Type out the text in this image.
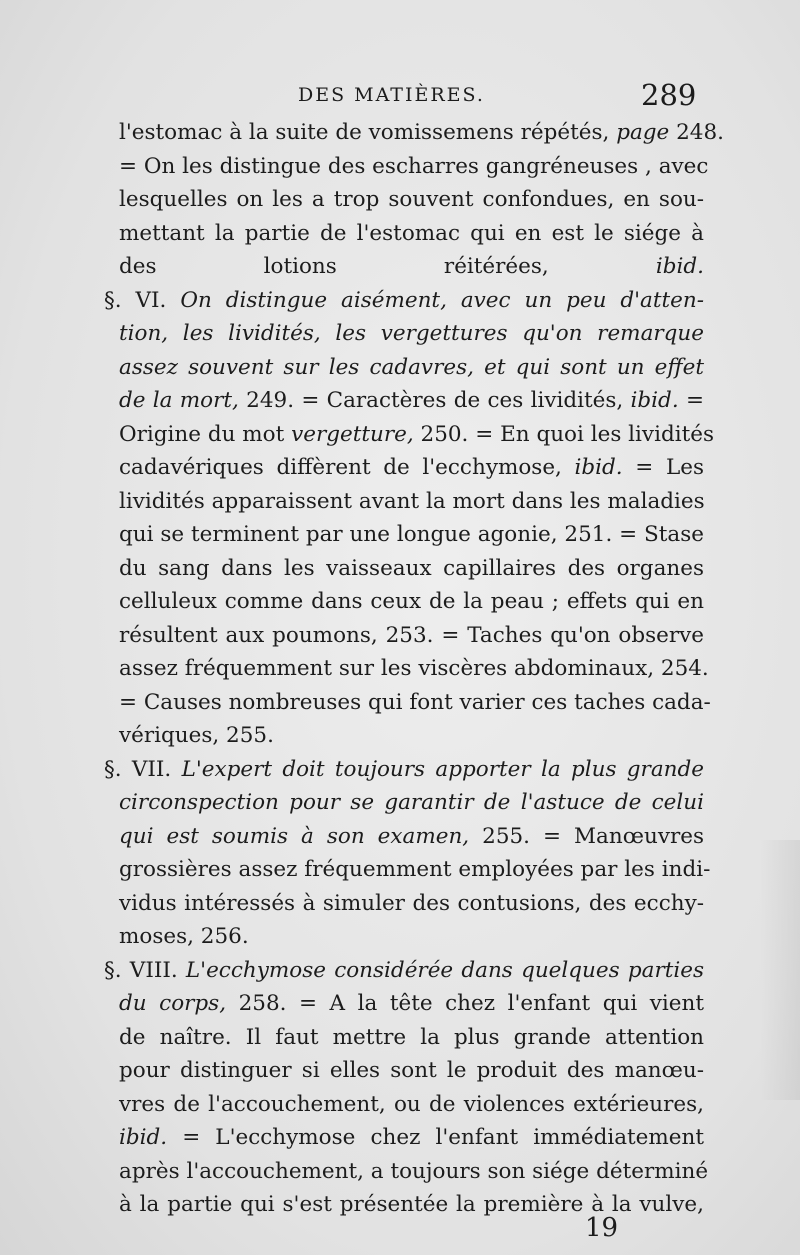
DES MATIÈRES.	289
l'estomac à la suite de vomissemens répétés, page 248.
= On les distingue des escharres gangréneuses , avec
lesquelles on les a trop souvent confondues, en sou-
mettant la partie de l'estomac qui en est le siége à
des lotions réitérées, ibid.
§. VI. On distingue aisément, avec un peu d'atten-
tion, les lividités, les vergettures qu'on remarque
assez souvent sur les cadavres, et qui sont un effet
de la mort, 249. = Caractères de ces lividités, ibid. =
Origine du mot vergetture, 250. = En quoi les lividités
cadavériques diffèrent de l'ecchymose, ibid. = Les
lividités apparaissent avant la mort dans les maladies
qui se terminent par une longue agonie, 251. = Stase
du sang dans les vaisseaux capillaires des organes
celluleux comme dans ceux de la peau ; effets qui en
résultent aux poumons, 253. = Taches qu'on observe
assez fréquemment sur les viscères abdominaux, 254.
= Causes nombreuses qui font varier ces taches cada-
vériques, 255.
§. VII. L'expert doit toujours apporter la plus grande
circonspection pour se garantir de l'astuce de celui
qui est soumis à son examen, 255. = Manœuvres
grossières assez fréquemment employées par les indi-
vidus intéressés à simuler des contusions, des ecchy-
moses, 256.
§. VIII. L'ecchymose considérée dans quelques parties
du corps, 258. = A la tête chez l'enfant qui vient
de naître. Il faut mettre la plus grande attention
pour distinguer si elles sont le produit des manœu-
vres de l'accouchement, ou de violences extérieures,
ibid. = L'ecchymose chez l'enfant immédiatement
après l'accouchement, a toujours son siége déterminé
à la partie qui s'est présentée la première à la vulve,
19
